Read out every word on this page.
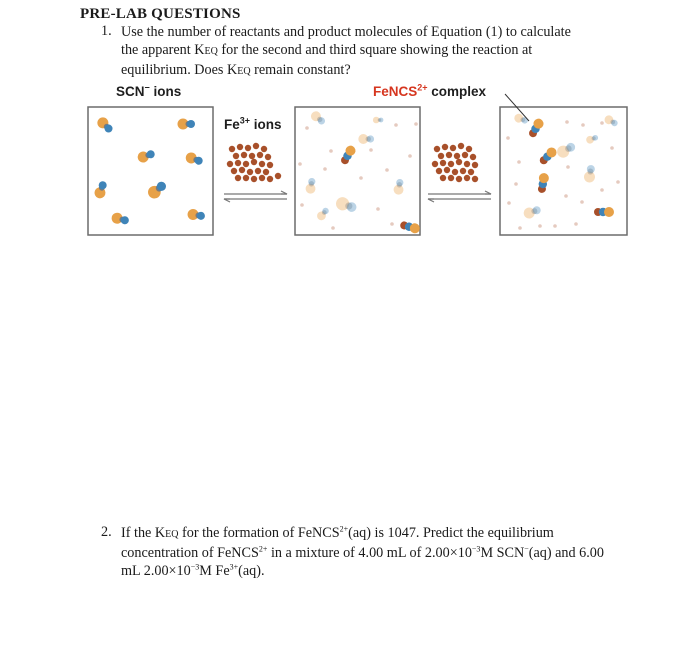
PRE-LAB QUESTIONS
1. Use the number of reactants and product molecules of Equation (1) to calculate
the apparent KEQ for the second and third square showing the reaction at
equilibrium. Does KEQ remain constant?
SCN− ions
$Fe^{3+}$ ions
FeNCS$^{2+}$ complex
2. If the KEQ for the formation of FeNCS$^{2+}$(aq) is 1047. Predict the equilibrium
concentration of FeNCS$^{2+}$ in a mixture of 4.00 mL of $2.00\times 10^{-3}M$ SCN−(aq) and 6.00
mL $2.00\times 10^{-3}M$ $Fe^{3+}(aq)$.
